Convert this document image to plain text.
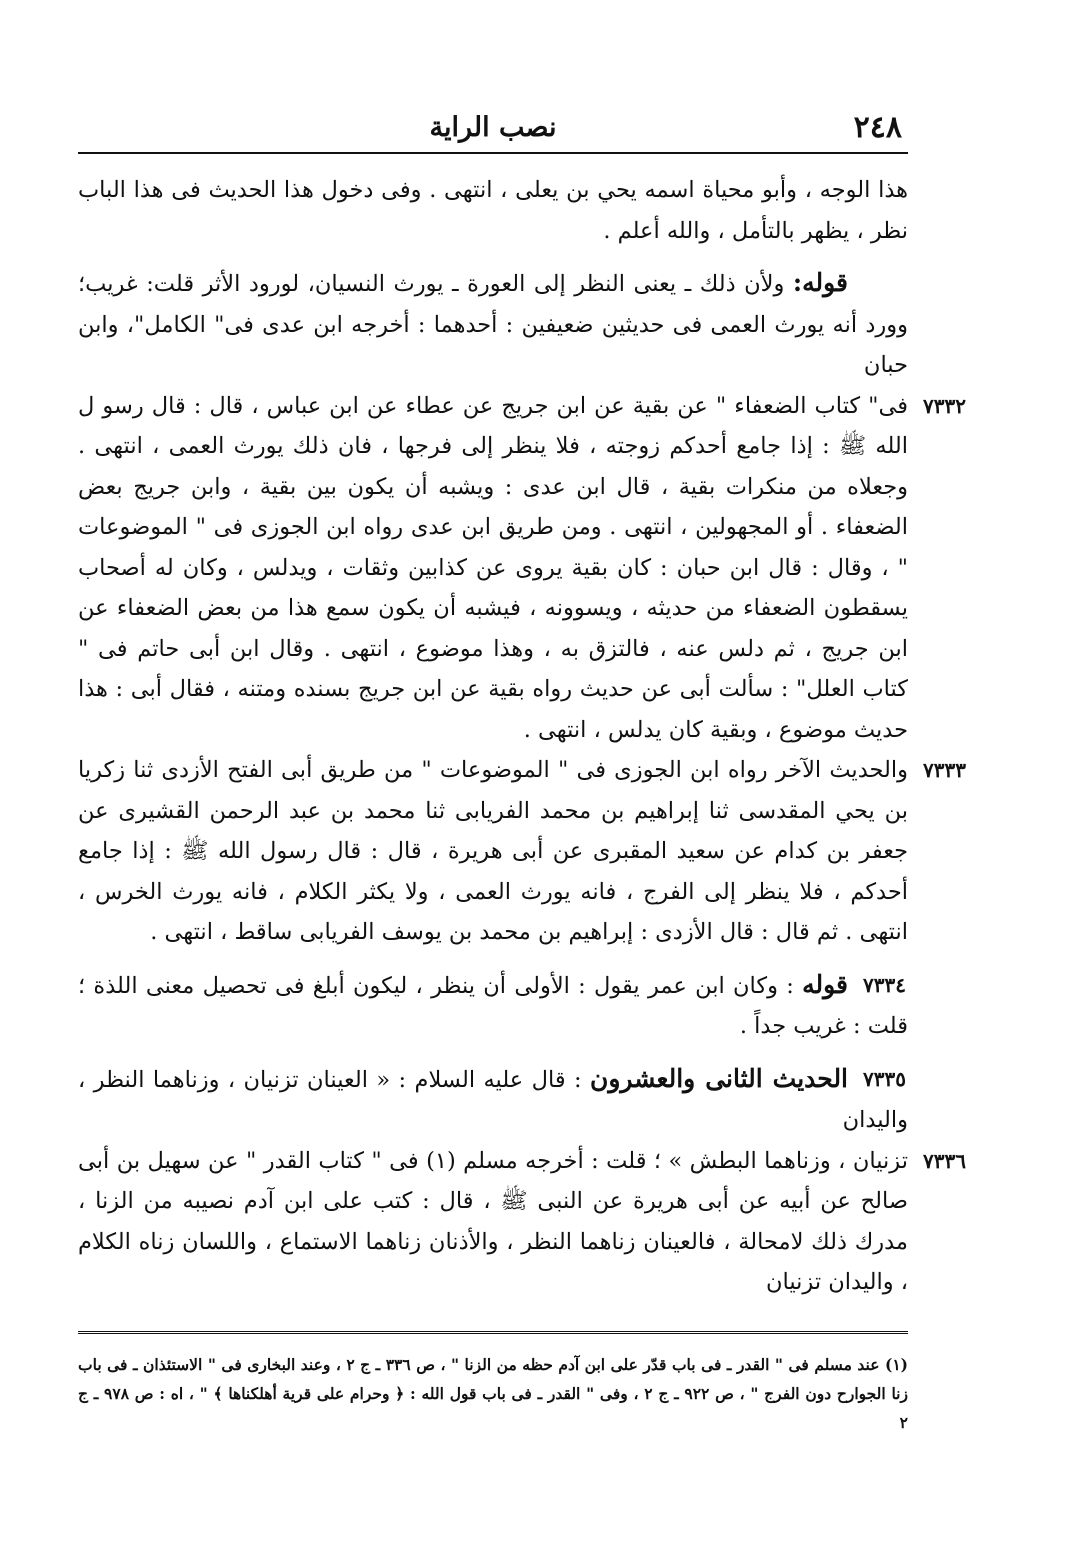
٢٤٨
نصب الراية

هذا الوجه ، وأبو محياة اسمه يحي بن يعلى ، انتهى . وفى دخول هذا الحديث فى هذا الباب نظر ، يظهر بالتأمل ، والله أعلم .

قوله: ولأن ذلك ـ يعنى النظر إلى العورة ـ يورث النسيان، لورود الأثر قلت: غريب؛ وورد أنه يورث العمى فى حديثين ضعيفين : أحدهما : أخرجه ابن عدى فى" الكامل"، وابن حبان

٧٣٣٢
فى" كتاب الضعفاء " عن بقية عن ابن جريج عن عطاء عن ابن عباس ، قال : قال رسو ل الله ﷺ : إذا جامع أحدكم زوجته ، فلا ينظر إلى فرجها ، فان ذلك يورث العمى ، انتهى . وجعلاه من منكرات بقية ، قال ابن عدى : ويشبه أن يكون بين بقية ، وابن جريج بعض الضعفاء . أو المجهولين ، انتهى . ومن طريق ابن عدى رواه ابن الجوزى فى " الموضوعات " ، وقال : قال ابن حبان : كان بقية يروى عن كذابين وثقات ، ويدلس ، وكان له أصحاب يسقطون الضعفاء من حديثه ، ويسوونه ، فيشبه أن يكون سمع هذا من بعض الضعفاء عن ابن جريج ، ثم دلس عنه ، فالتزق به ، وهذا موضوع ، انتهى . وقال ابن أبى حاتم فى " كتاب العلل" : سألت أبى عن حديث رواه بقية عن ابن جريج بسنده ومتنه ، فقال أبى : هذا حديث موضوع ، وبقية كان يدلس ، انتهى .

٧٣٣٣
والحديث الآخر رواه ابن الجوزى فى " الموضوعات " من طريق أبى الفتح الأزدى ثنا زكريا بن يحي المقدسى ثنا إبراهيم بن محمد الفريابى ثنا محمد بن عبد الرحمن القشيرى عن جعفر بن كدام عن سعيد المقبرى عن أبى هريرة ، قال : قال رسول الله ﷺ : إذا جامع أحدكم ، فلا ينظر إلى الفرج ، فانه يورث العمى ، ولا يكثر الكلام ، فانه يورث الخرس ، انتهى . ثم قال : قال الأزدى : إبراهيم بن محمد بن يوسف الفريابى ساقط ، انتهى .

٧٣٣٤
قوله : وكان ابن عمر يقول : الأولى أن ينظر ، ليكون أبلغ فى تحصيل معنى اللذة ؛ قلت : غريب جداً .

٧٣٣٥
الحديث الثانى والعشرون : قال عليه السلام : « العينان تزنيان ، وزناهما النظر ، واليدان

٧٣٣٦
تزنيان ، وزناهما البطش » ؛ قلت : أخرجه مسلم (١) فى " كتاب القدر " عن سهيل بن أبى صالح عن أبيه عن أبى هريرة عن النبى ﷺ ، قال : كتب على ابن آدم نصيبه من الزنا ، مدرك ذلك لامحالة ، فالعينان زناهما النظر ، والأذنان زناهما الاستماع ، واللسان زناه الكلام ، واليدان تزنيان

(١) عند مسلم فى " القدر ـ فى باب قدّر على ابن آدم حظه من الزنا " ، ص ٣٣٦ ـ ج ٢ ، وعند البخارى فى " الاستئذان ـ فى باب زنا الجوارح دون الفرج " ، ص ٩٢٢ ـ ج ٢ ، وفى " القدر ـ فى باب قول الله : ﴿ وحرام على قرية أهلكناها ﴾ " ، اه : ص ٩٧٨ ـ ج ٢
